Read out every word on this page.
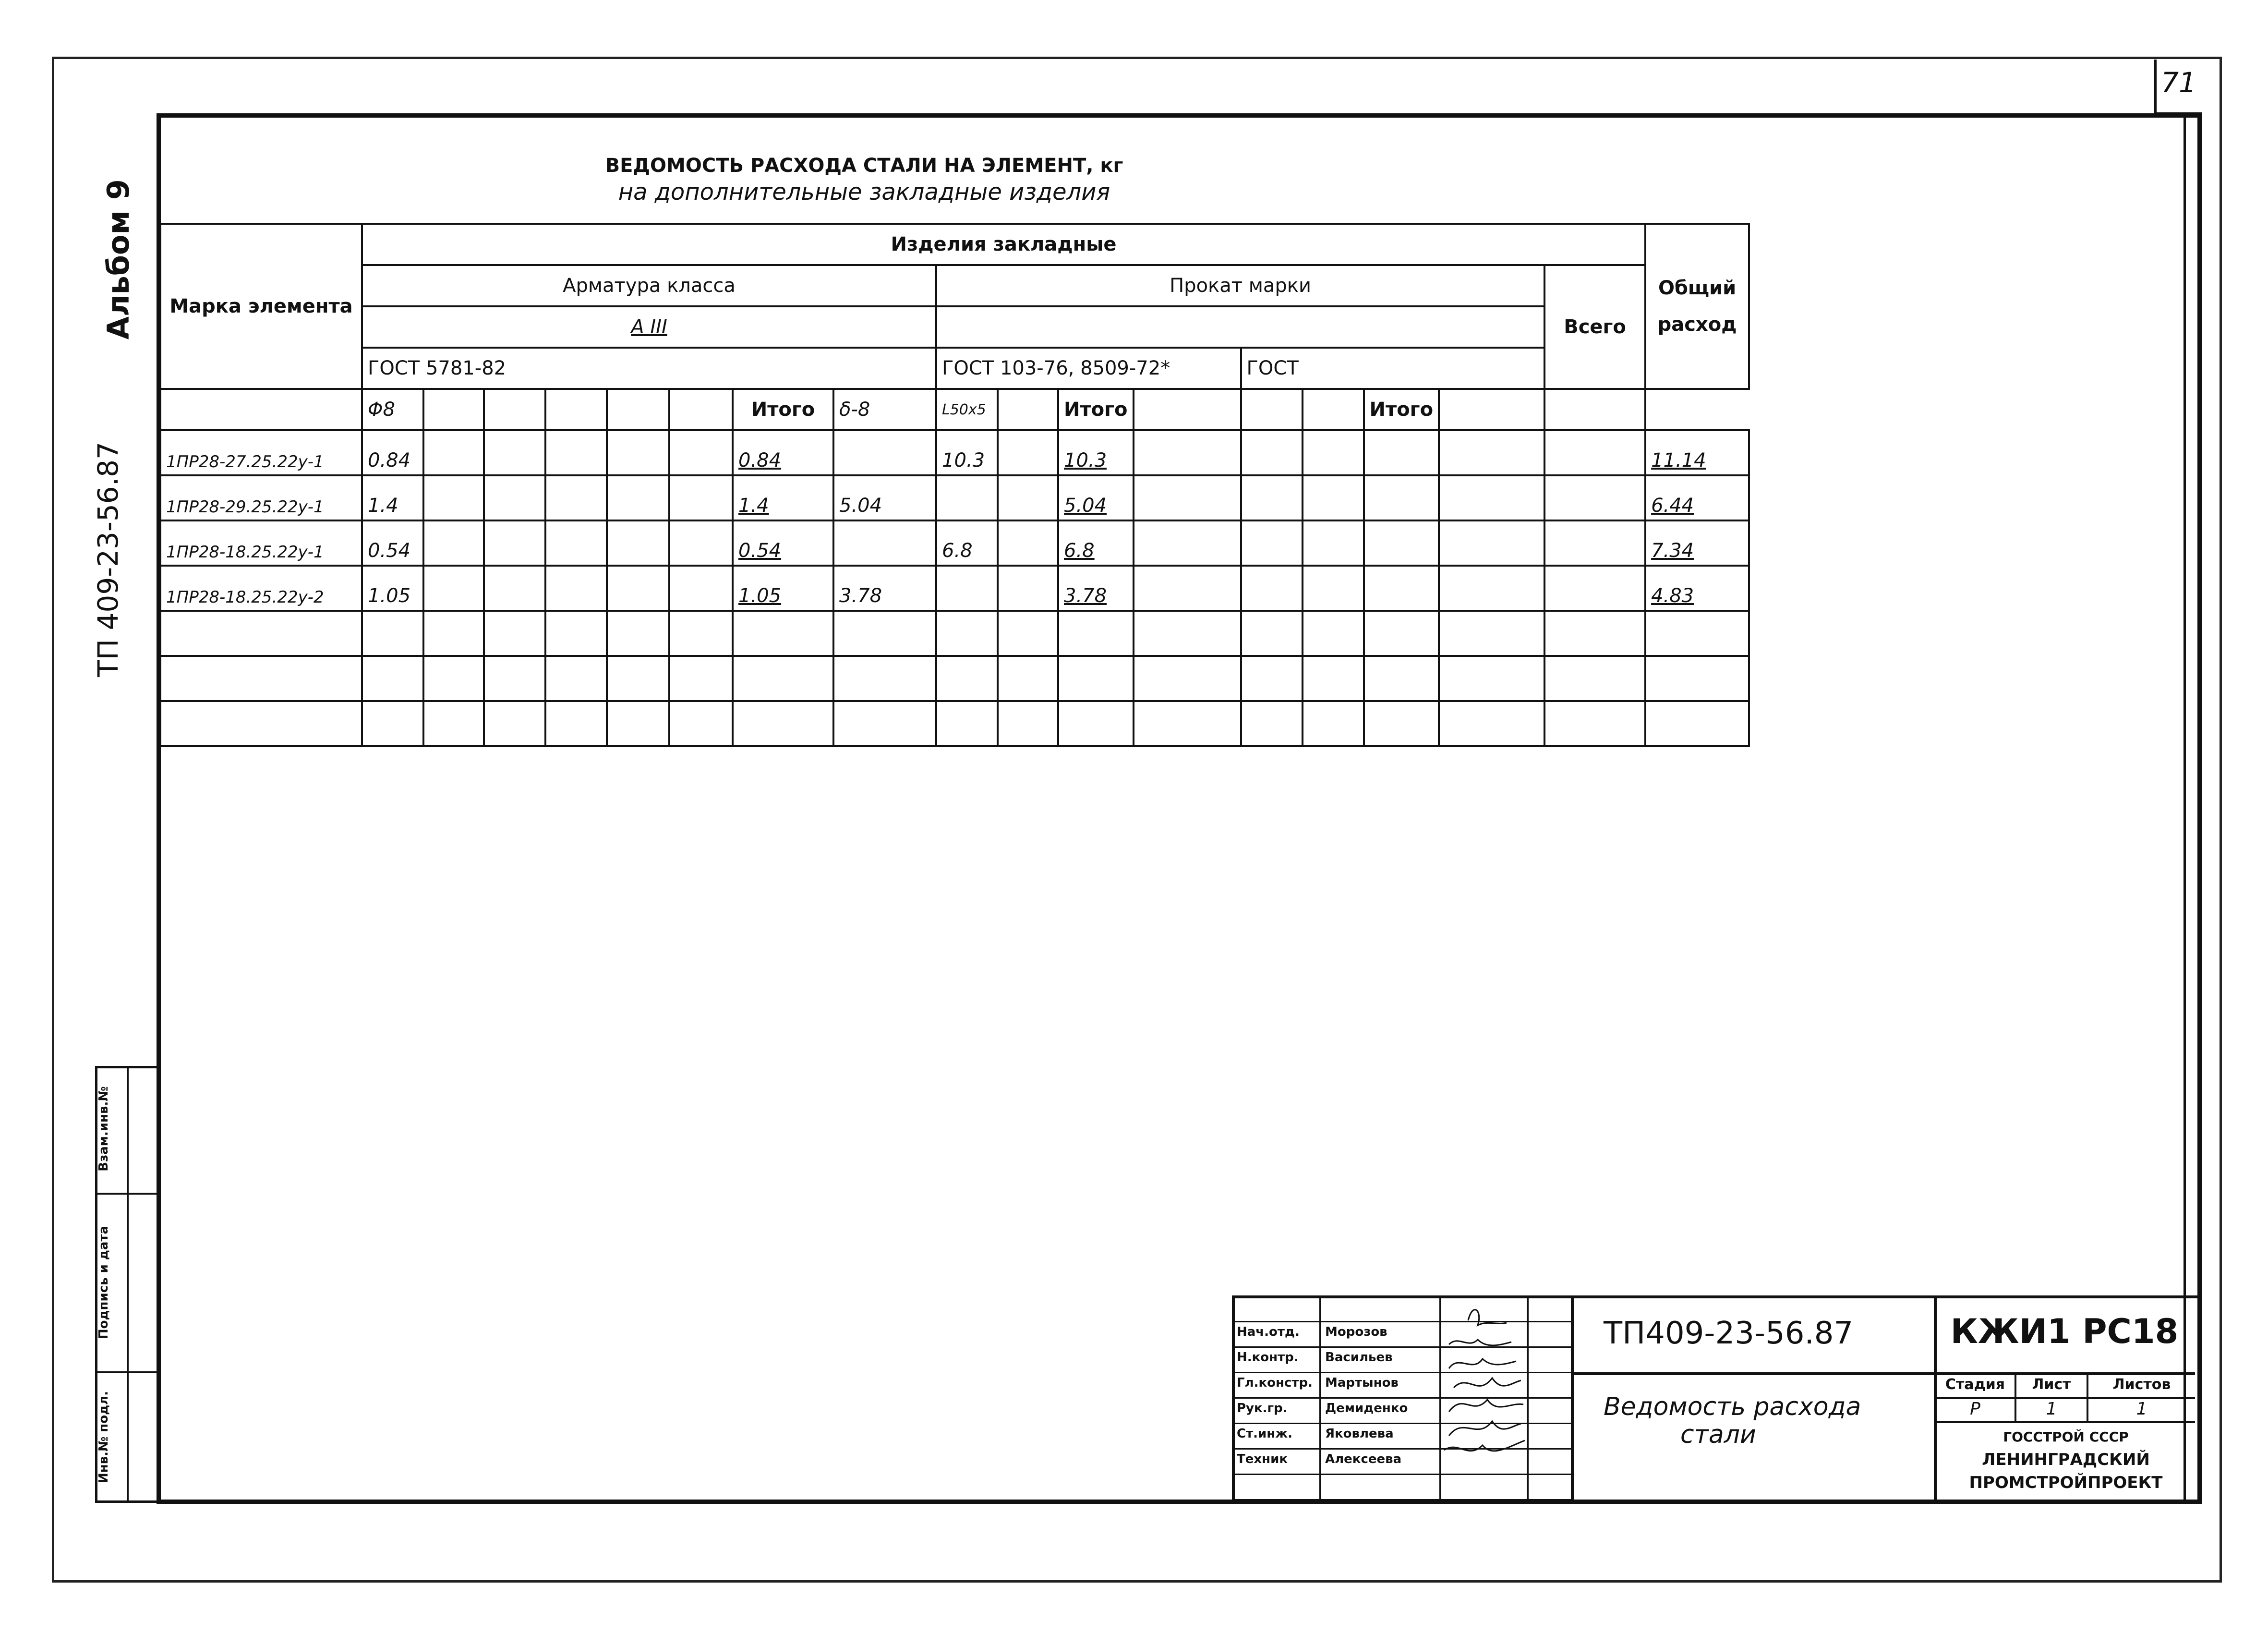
71
Альбом 9
ТП 409-23-56.87
Взам.инв.№
Подпись и дата
Инв.№ подл.
ВЕДОМОСТЬ РАСХОДА СТАЛИ НА ЭЛЕМЕНТ, кг
на дополнительные закладные изделия
Марка элемента	Изделия закладные																	Общий расход
	Арматура класса								Прокат марки								Всего	
	А III																	
	ГОСТ 5781-82								ГОСТ 103-76, 8509-72*				ГОСТ					
	Φ8						Итого	δ-8	L50x5		Итого				Итого			
1ПР28-27.25.22у-1	0.84						0.84		10.3		10.3							11.14
1ПР28-29.25.22у-1	1.4						1.4	5.04			5.04							6.44
1ПР28-18.25.22у-1	0.54						0.54		6.8		6.8							7.34
1ПР28-18.25.22у-2	1.05						1.05	3.78			3.78							4.83

Нач.отд.	Морозов
Н.контр.	Васильев
Гл.констр.	Мартынов
Рук.гр.	Демиденко
Ст.инж.	Яковлева
Техник	Алексеева
ТП409-23-56.87	КЖИ1 РС18
Ведомость расхода
стали
Стадия	Лист	Листов
Р	1	1
ГОССТРОЙ СССР
ЛЕНИНГРАДСКИЙ
ПРОМСТРОЙПРОЕКТ
